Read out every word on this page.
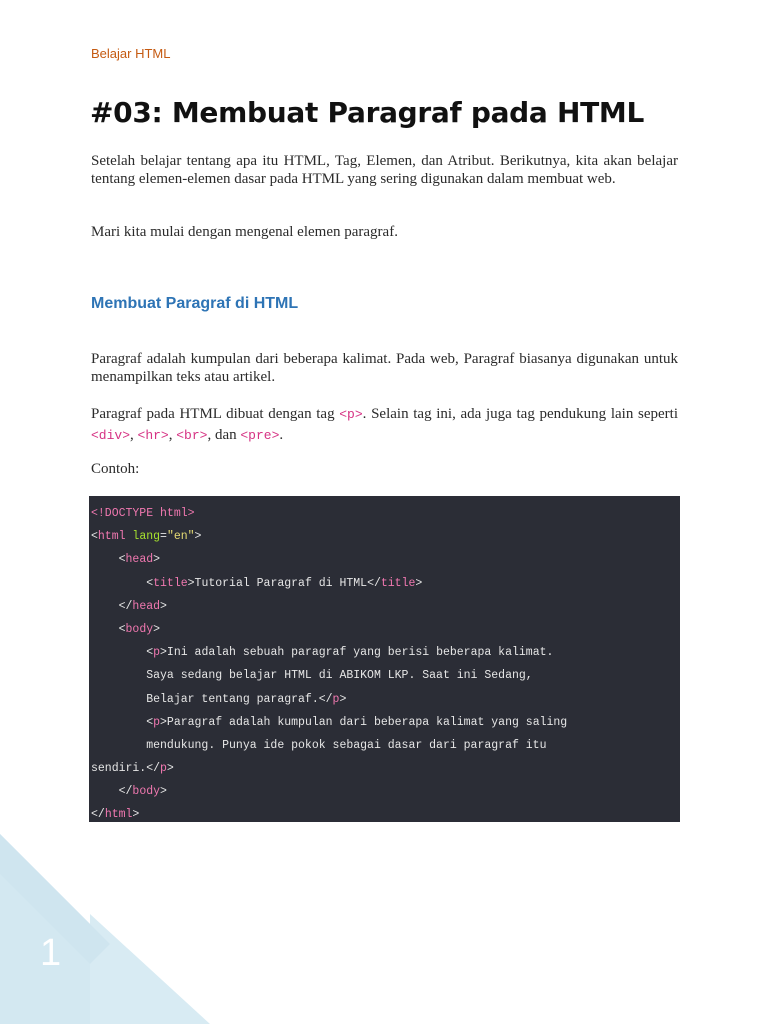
1
Belajar HTML
#03: Membuat Paragraf pada HTML

Setelah belajar tentang apa itu HTML, Tag, Elemen, dan Atribut. Berikutnya, kita akan belajar tentang elemen-elemen dasar pada HTML yang sering digunakan dalam membuat web.

Mari kita mulai dengan mengenal elemen paragraf.

Membuat Paragraf di HTML

Paragraf adalah kumpulan dari beberapa kalimat. Pada web, Paragraf biasanya digunakan untuk menampilkan teks atau artikel.

Paragraf pada HTML dibuat dengan tag <p>. Selain tag ini, ada juga tag pendukung lain seperti <div>, <hr>, <br>, dan <pre>.

Contoh:

<!DOCTYPE html>
<html lang="en">
<head>
<title>Tutorial Paragraf di HTML</title>
</head>
<body>
<p>Ini adalah sebuah paragraf yang berisi beberapa kalimat.
Saya sedang belajar HTML di ABIKOM LKP. Saat ini Sedang,
Belajar tentang paragraf.</p>
<p>Paragraf adalah kumpulan dari beberapa kalimat yang saling
mendukung. Punya ide pokok sebagai dasar dari paragraf itu
sendiri.</p>
</body>
</html>
